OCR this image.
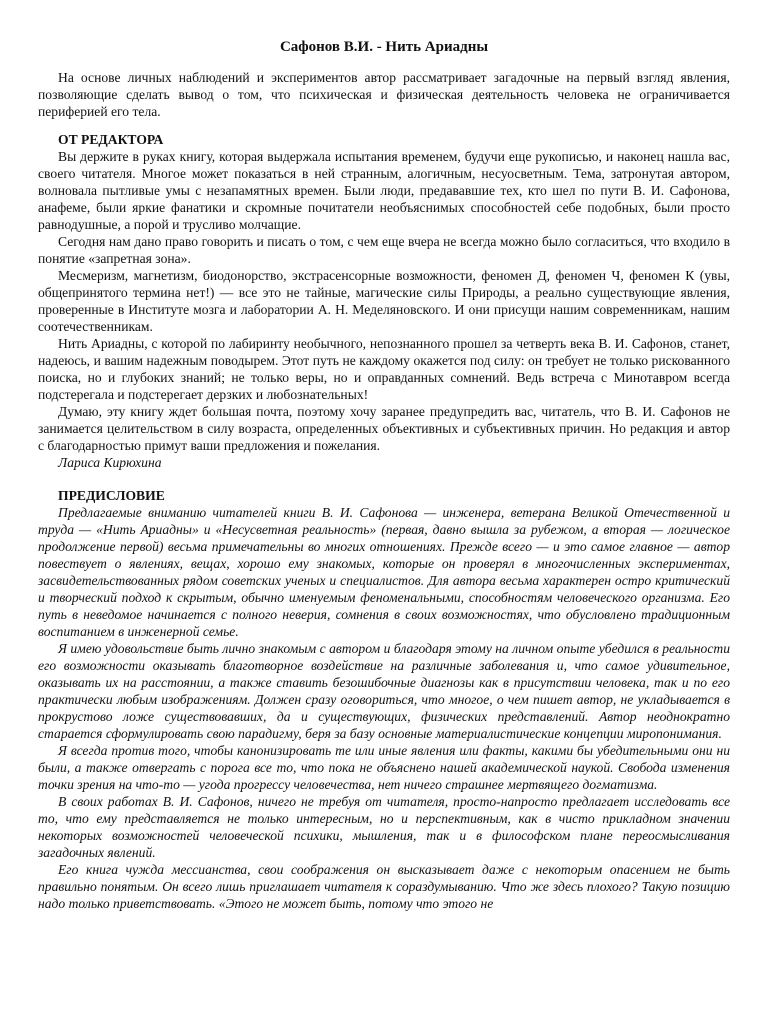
Сафонов В.И. - Нить Ариадны

На основе личных наблюдений и экспериментов автор рассматривает загадочные на первый взгляд явления, позволяющие сделать вывод о том, что психическая и физическая деятельность человека не ограничивается периферией его тела.

ОТ РЕДАКТОРА

Вы держите в руках книгу, которая выдержала испытания временем, будучи еще рукописью, и наконец нашла вас, своего читателя. Многое может показаться в ней странным, алогичным, несуосветным. Тема, затронутая автором, волновала пытливые умы с незапамятных времен. Были люди, предававшие тех, кто шел по пути В. И. Сафонова, анафеме, были яркие фанатики и скромные почитатели необъяснимых способностей себе подобных, были просто равнодушные, а порой и трусливо молчащие.

Сегодня нам дано право говорить и писать о том, с чем еще вчера не всегда можно было согласиться, что входило в понятие «запретная зона».

Месмеризм, магнетизм, биодонорство, экстрасенсорные возможности, феномен Д, феномен Ч, феномен К (увы, общепринятого термина нет!) — все это не тайные, магические силы Природы, а реально существующие явления, проверенные в Институте мозга и лаборатории А. Н. Меделяновского. И они присущи нашим современникам, нашим соотечественникам.

Нить Ариадны, с которой по лабиринту необычного, непознанного прошел за четверть века В. И. Сафонов, станет, надеюсь, и вашим надежным поводырем. Этот путь не каждому окажется под силу: он требует не только рискованного поиска, но и глубоких знаний; не только веры, но и оправданных сомнений. Ведь встреча с Минотавром всегда подстерегала и подстерегает дерзких и любознательных!

Думаю, эту книгу ждет большая почта, поэтому хочу заранее предупредить вас, читатель, что В. И. Сафонов не занимается целительством в силу возраста, определенных объективных и субъективных причин. Но редакция и автор с благодарностью примут ваши предложения и пожелания.

Лариса Кирюхина

ПРЕДИСЛОВИЕ

Предлагаемые вниманию читателей книги В. И. Сафонова — инженера, ветерана Великой Отечественной и труда — «Нить Ариадны» и «Несусветная реальность» (первая, давно вышла за рубежом, а вторая — логическое продолжение первой) весьма примечательны во многих отношениях. Прежде всего — и это самое главное — автор повествует о явлениях, вещах, хорошо ему знакомых, которые он проверял в многочисленных экспериментах, засвидетельствованных рядом советских ученых и специалистов. Для автора весьма характерен остро критический и творческий подход к скрытым, обычно именуемым феноменальными, способностям человеческого организма. Его путь в неведомое начинается с полного неверия, сомнения в своих возможностях, что обусловлено традиционным воспитанием в инженерной семье.

Я имею удовольствие быть лично знакомым с автором и благодаря этому на личном опыте убедился в реальности его возможности оказывать благотворное воздействие на различные заболевания и, что самое удивительное, оказывать их на расстоянии, а также ставить безошибочные диагнозы как в присутствии человека, так и по его практически любым изображениям. Должен сразу оговориться, что многое, о чем пишет автор, не укладывается в прокрустово ложе существовавших, да и существующих, физических представлений. Автор неоднократно старается сформулировать свою парадигму, беря за базу основные материалистические концепции миропонимания.

Я всегда против того, чтобы канонизировать те или иные явления или факты, какими бы убедительными они ни были, а также отвергать с порога все то, что пока не объяснено нашей академической наукой. Свобода изменения точки зрения на что-то — угода прогрессу человечества, нет ничего страшнее мертвящего догматизма.

В своих работах В. И. Сафонов, ничего не требуя от читателя, просто-напросто предлагает исследовать все то, что ему представляется не только интересным, но и перспективным, как в чисто прикладном значении некоторых возможностей человеческой психики, мышления, так и в философском плане переосмысливания загадочных явлений.

Его книга чужда мессианства, свои соображения он высказывает даже с некоторым опасением не быть правильно понятым. Он всего лишь приглашает читателя к сораздумыванию. Что же здесь плохого? Такую позицию надо только приветствовать. «Этого не может быть, потому что этого не
